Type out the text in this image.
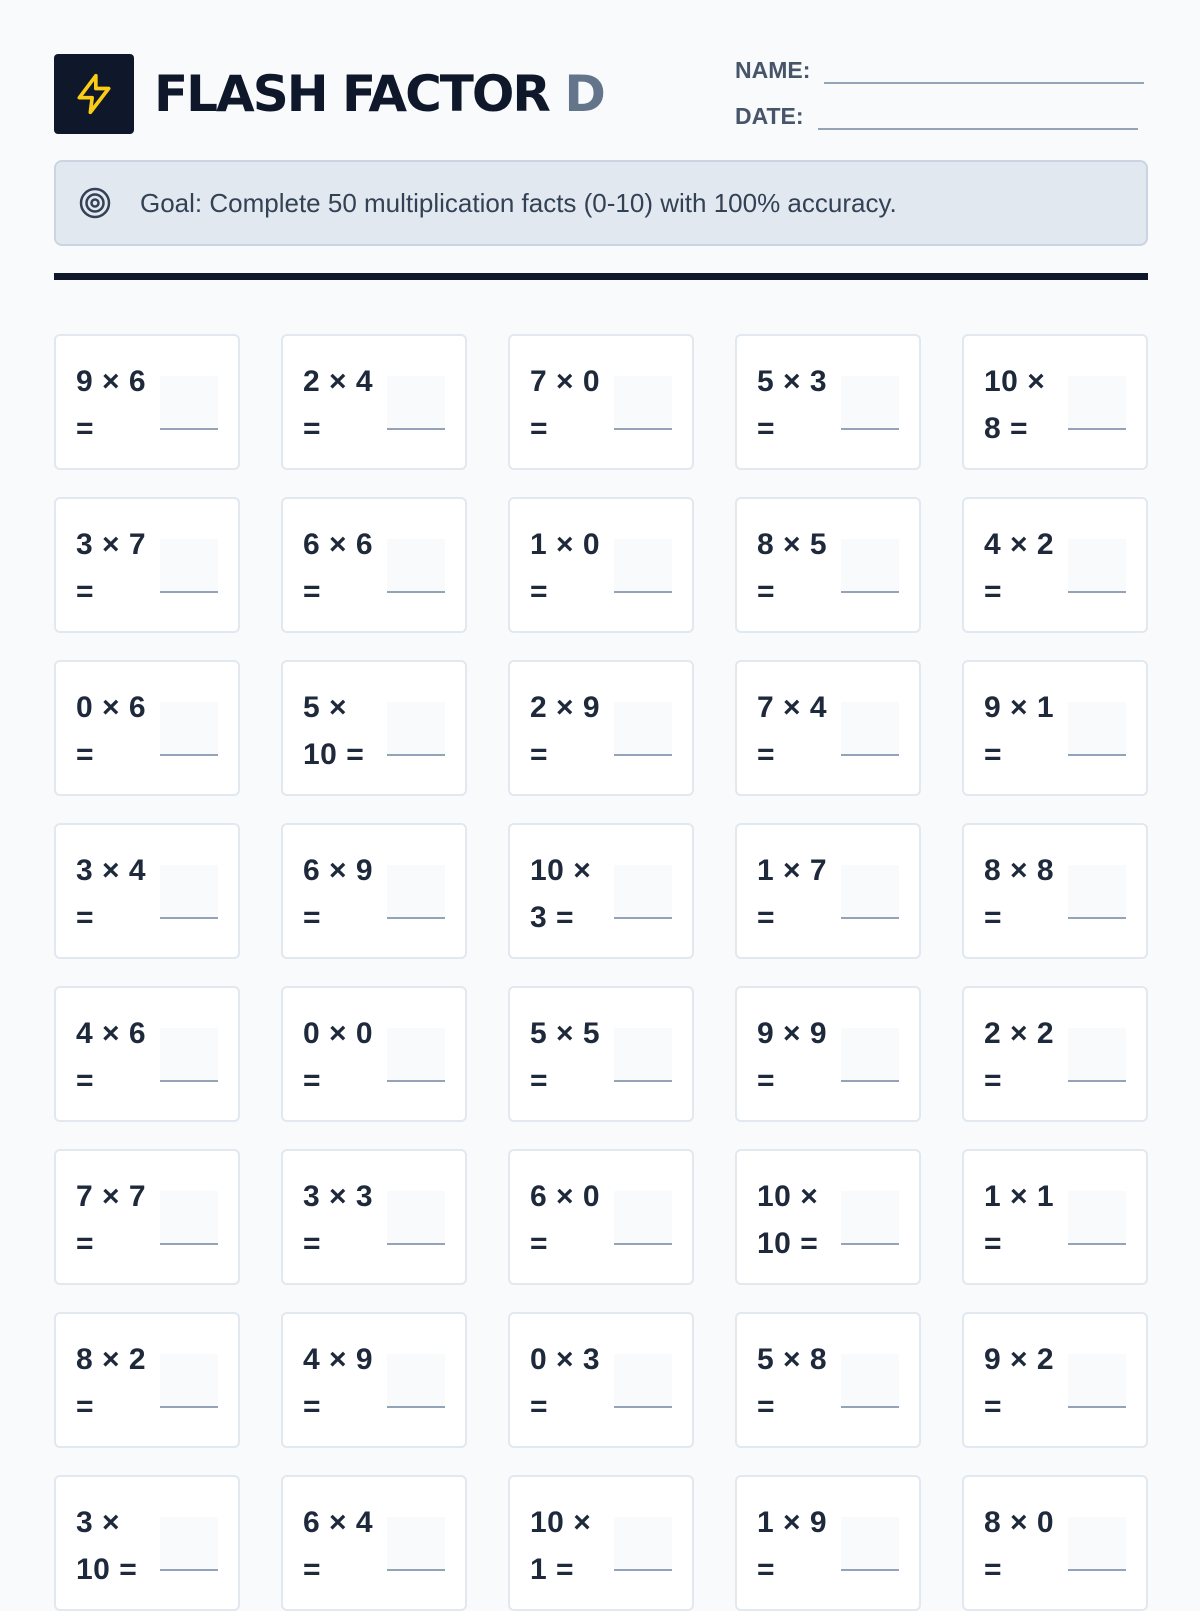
FLASH FACTOR D	NAME:
DATE:
Goal: Complete 50 multiplication facts (0-10) with 100% accuracy.
9 × 6 =
2 × 4 =
7 × 0 =
5 × 3 =
10 × 8 =
3 × 7 =
6 × 6 =
1 × 0 =
8 × 5 =
4 × 2 =
0 × 6 =
5 × 10 =
2 × 9 =
7 × 4 =
9 × 1 =
3 × 4 =
6 × 9 =
10 × 3 =
1 × 7 =
8 × 8 =
4 × 6 =
0 × 0 =
5 × 5 =
9 × 9 =
2 × 2 =
7 × 7 =
3 × 3 =
6 × 0 =
10 × 10 =
1 × 1 =
8 × 2 =
4 × 9 =
0 × 3 =
5 × 8 =
9 × 2 =
3 × 10 =
6 × 4 =
10 × 1 =
1 × 9 =
8 × 0 =
